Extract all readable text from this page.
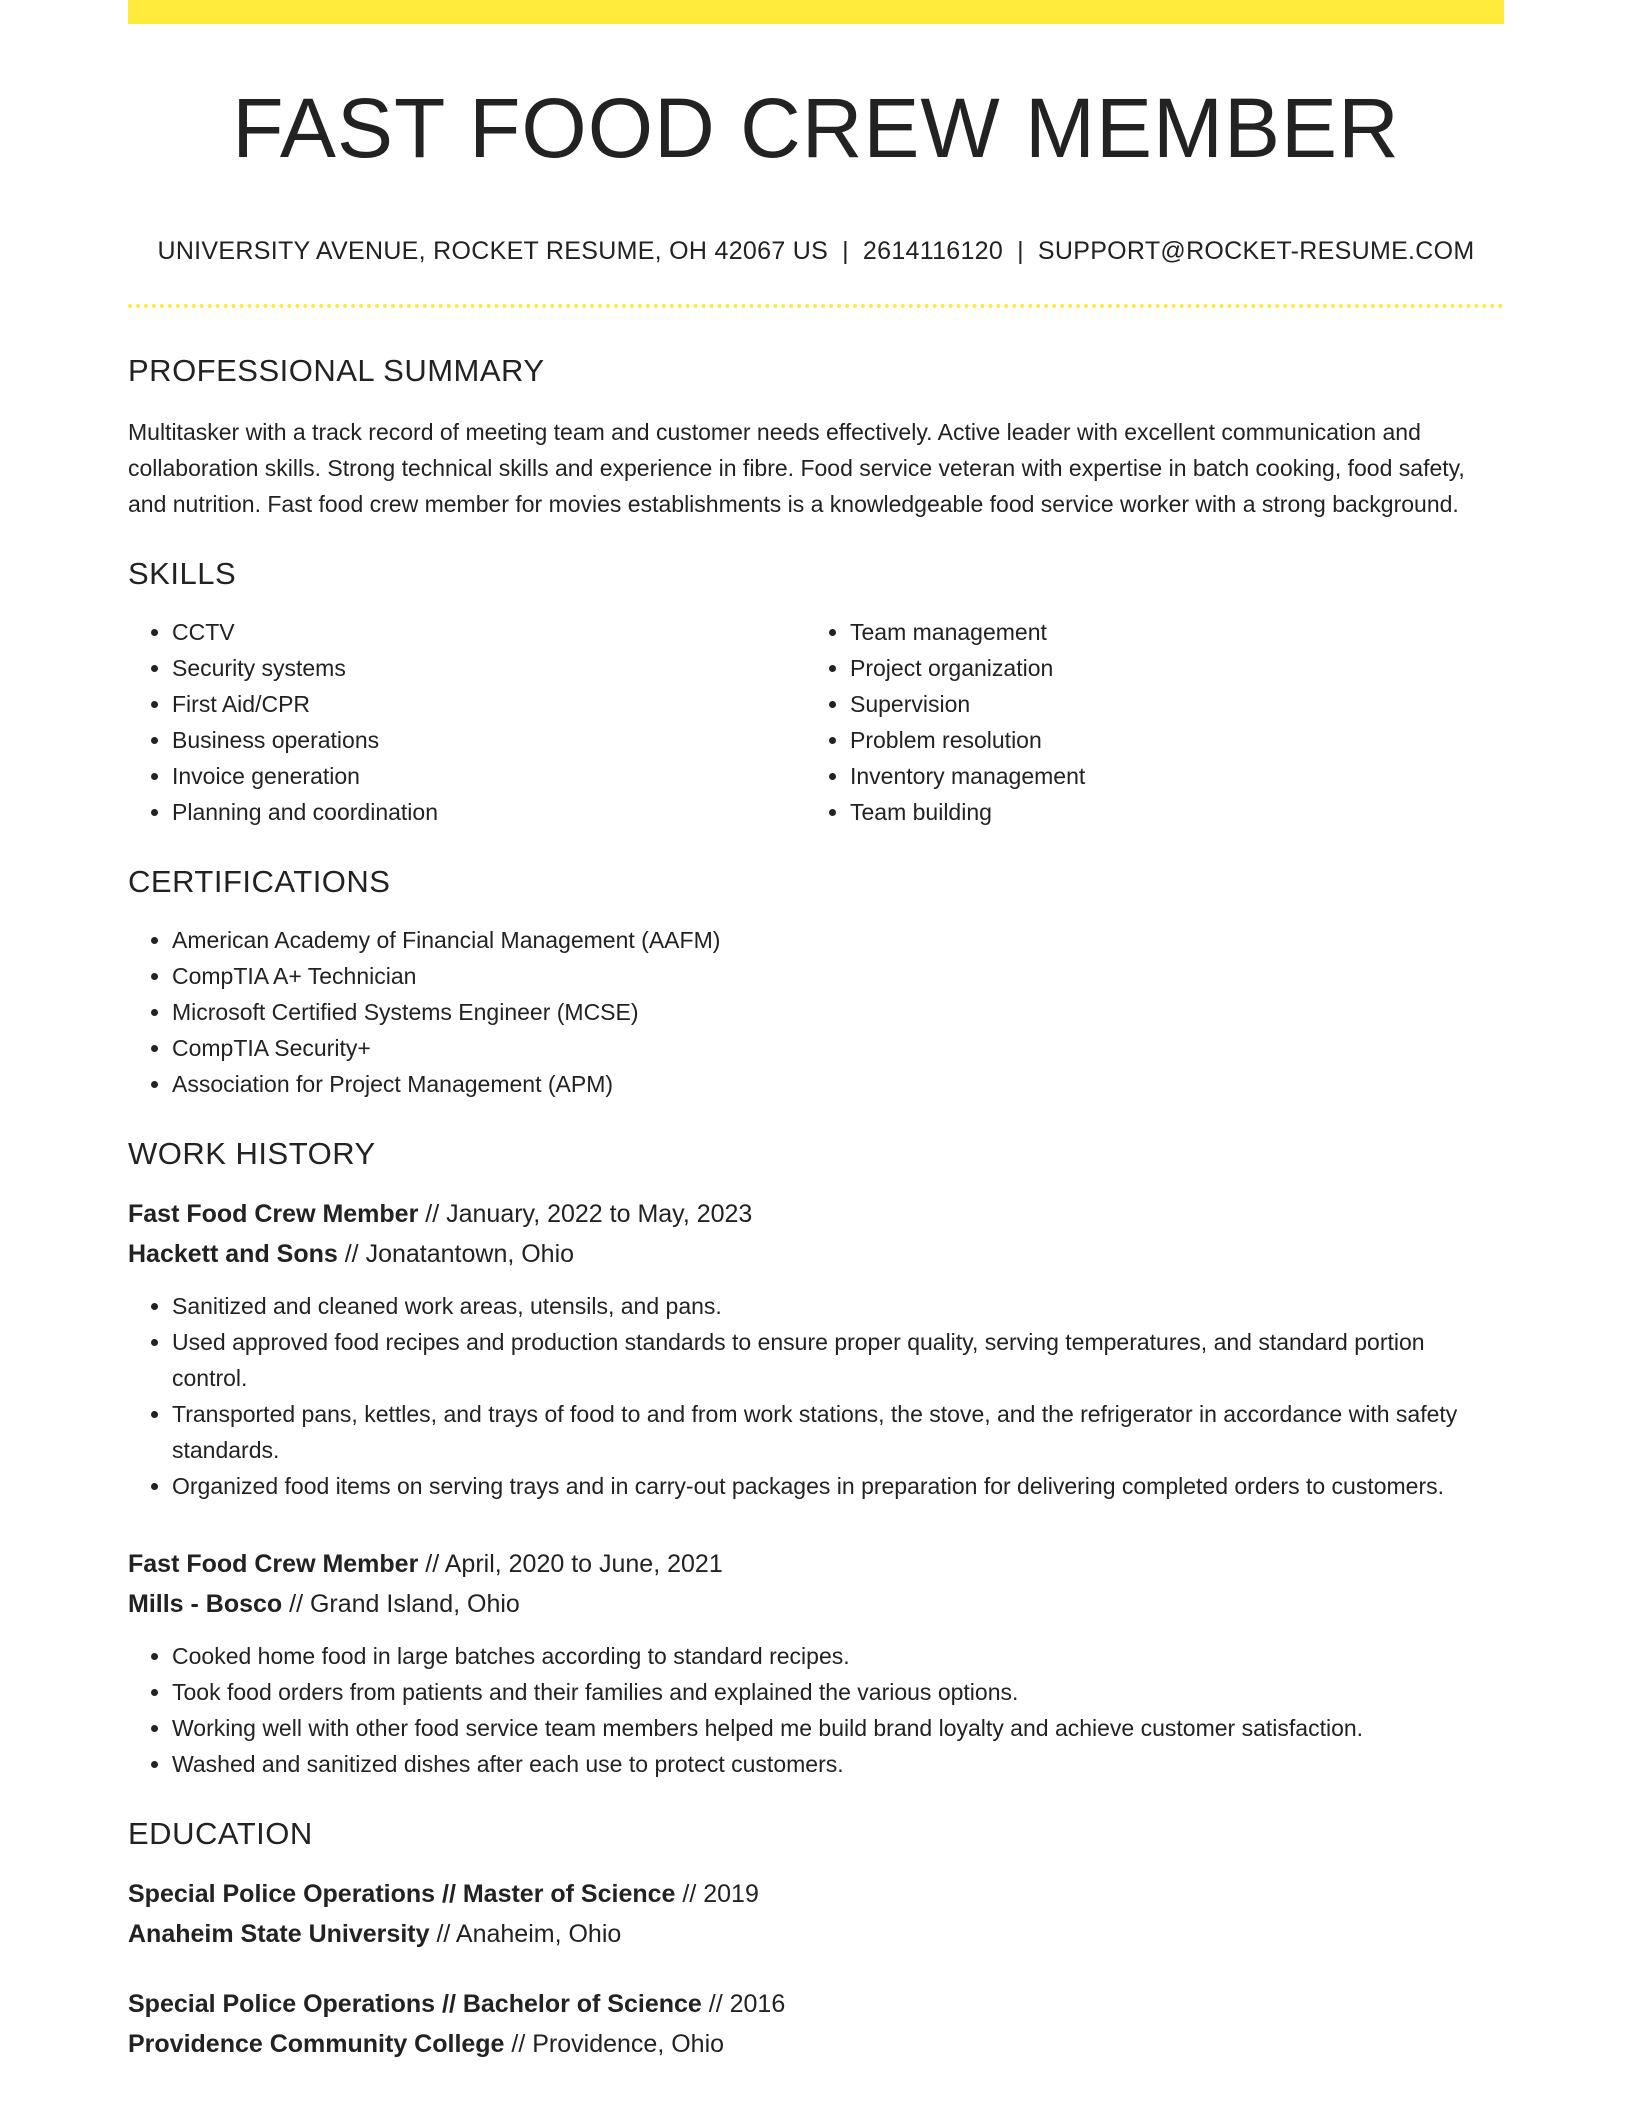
FAST FOOD CREW MEMBER
UNIVERSITY AVENUE, ROCKET RESUME, OH 42067 US | 2614116120 | SUPPORT@ROCKET-RESUME.COM
PROFESSIONAL SUMMARY

Multitasker with a track record of meeting team and customer needs effectively. Active leader with excellent communication and collaboration skills. Strong technical skills and experience in fibre. Food service veteran with expertise in batch cooking, food safety, and nutrition. Fast food crew member for movies establishments is a knowledgeable food service worker with a strong background.

SKILLS
• CCTV
• Security systems
• First Aid/CPR
• Business operations
• Invoice generation
• Planning and coordination
• Team management
• Project organization
• Supervision
• Problem resolution
• Inventory management
• Team building
CERTIFICATIONS
• American Academy of Financial Management (AAFM)
• CompTIA A+ Technician
• Microsoft Certified Systems Engineer (MCSE)
• CompTIA Security+
• Association for Project Management (APM)
WORK HISTORY
Fast Food Crew Member // January, 2022 to May, 2023
Hackett and Sons // Jonatantown, Ohio
• Sanitized and cleaned work areas, utensils, and pans.
• Used approved food recipes and production standards to ensure proper quality, serving temperatures, and standard portion control.
• Transported pans, kettles, and trays of food to and from work stations, the stove, and the refrigerator in accordance with safety standards.
• Organized food items on serving trays and in carry-out packages in preparation for delivering completed orders to customers.
Fast Food Crew Member // April, 2020 to June, 2021
Mills - Bosco // Grand Island, Ohio
• Cooked home food in large batches according to standard recipes.
• Took food orders from patients and their families and explained the various options.
• Working well with other food service team members helped me build brand loyalty and achieve customer satisfaction.
• Washed and sanitized dishes after each use to protect customers.
EDUCATION
Special Police Operations // Master of Science // 2019
Anaheim State University // Anaheim, Ohio
Special Police Operations // Bachelor of Science // 2016
Providence Community College // Providence, Ohio
